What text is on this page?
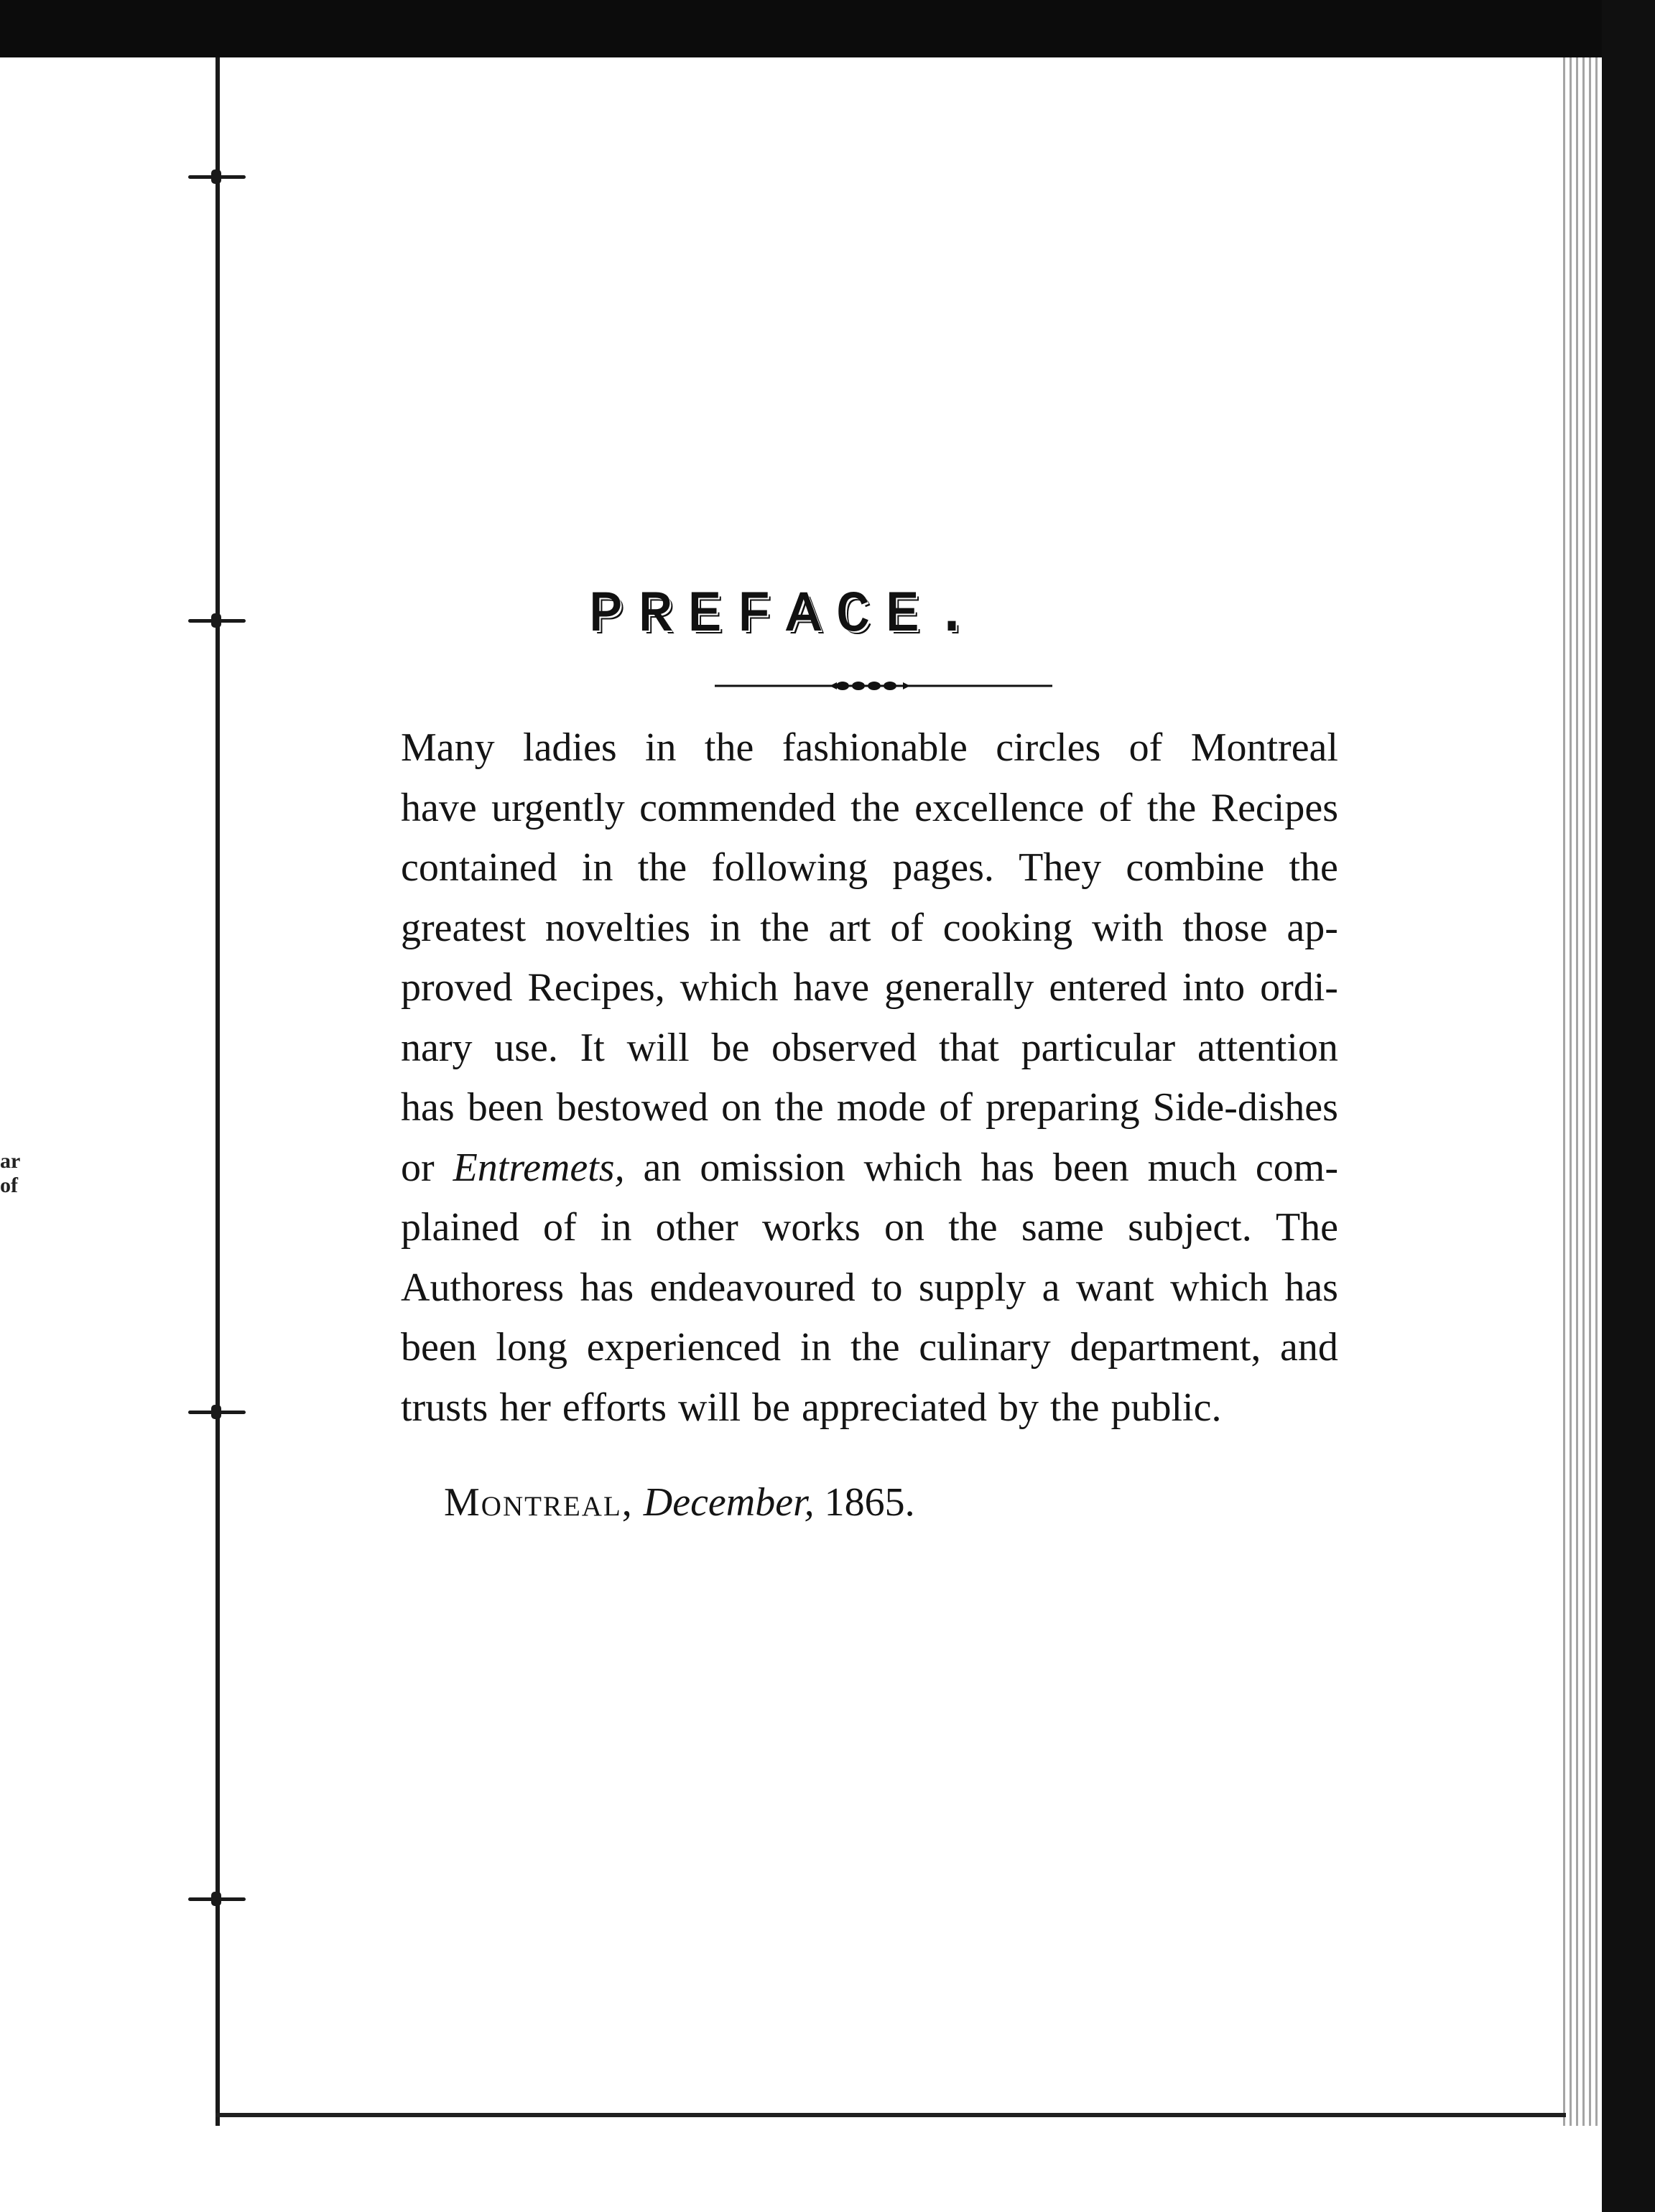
ar
of
PREFACE.
Many ladies in the fashionable circles of Montreal
have urgently commended the excellence of the Recipes
contained in the following pages. They combine the
greatest novelties in the art of cooking with those ap-
proved Recipes, which have generally entered into ordi-
nary use. It will be observed that particular attention
has been bestowed on the mode of preparing Side-dishes
or Entremets, an omission which has been much com-
plained of in other works on the same subject. The
Authoress has endeavoured to supply a want which has
been long experienced in the culinary department, and
trusts her efforts will be appreciated by the public.
Montreal, December, 1865.
